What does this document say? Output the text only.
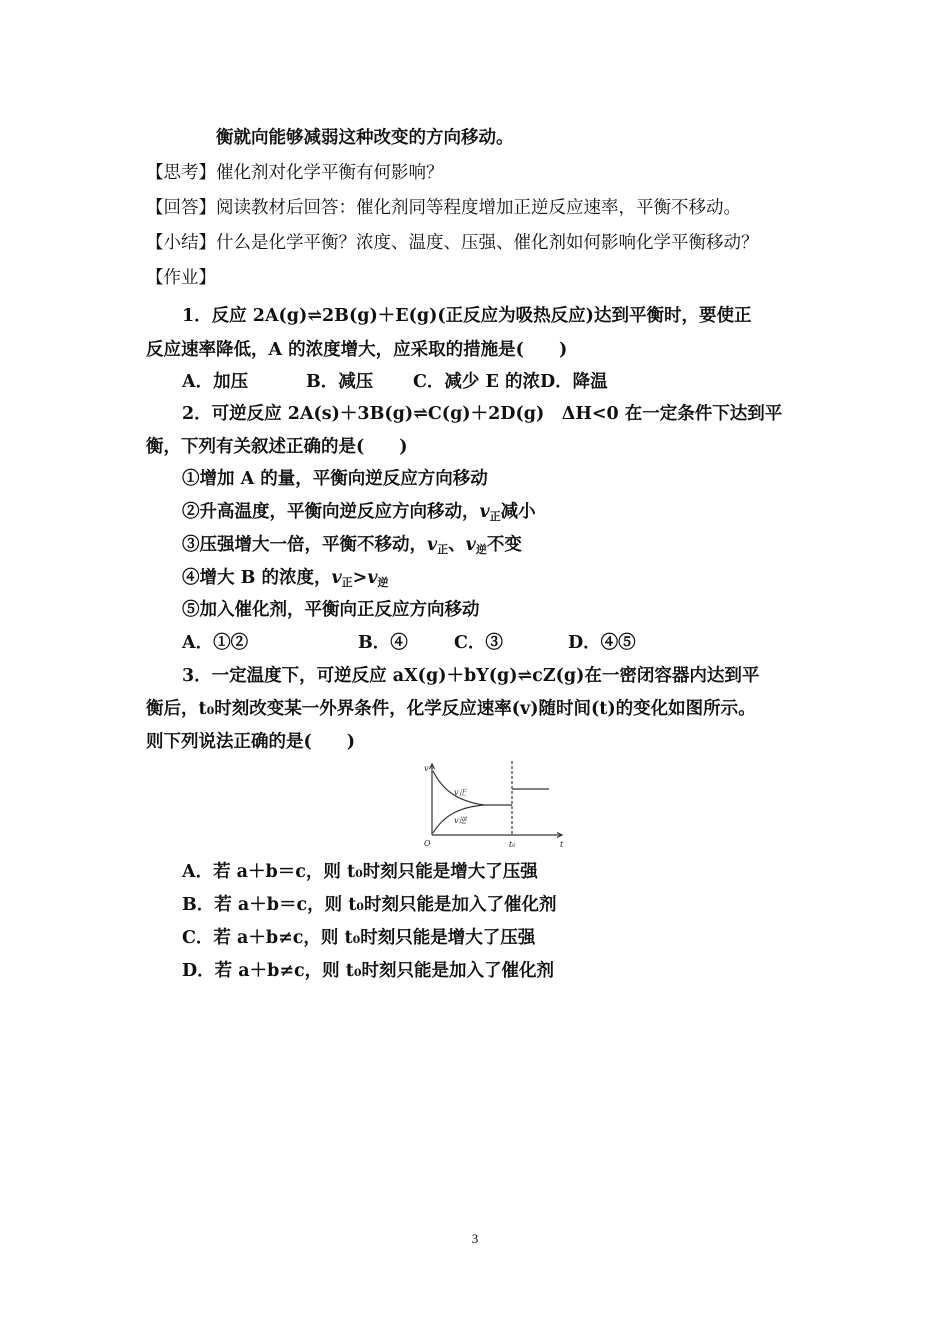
衡就向能够减弱这种改变的方向移动。
【思考】催化剂对化学平衡有何影响？
【回答】阅读教材后回答：催化剂同等程度增加正逆反应速率，平衡不移动。
【小结】什么是化学平衡？浓度、温度、压强、催化剂如何影响化学平衡移动？
【作业】
1．反应 2A(g)⇌2B(g)＋E(g)(正反应为吸热反应)达到平衡时，要使正
反应速率降低，A 的浓度增大，应采取的措施是(　　)
A．加压	B．减压 C．减少 E 的浓D．降温
2．可逆反应 2A(s)＋3B(g)⇌C(g)＋2D(g)　ΔH<0 在一定条件下达到平
衡，下列有关叙述正确的是(　　)
①增加 A 的量，平衡向逆反应方向移动
②升高温度，平衡向逆反应方向移动，$v_正$减小
③压强增大一倍，平衡不移动，$v_正$、$v_逆$不变
④增大 B 的浓度，$v_正>v_逆$
⑤加入催化剂，平衡向正反应方向移动
A．①②	B．④	C．③	D．④⑤
3．一定温度下，可逆反应 aX(g)＋bY(g)⇌cZ(g)在一密闭容器内达到平
衡后，t₀时刻改变某一外界条件，化学反应速率(v)随时间(t)的变化如图所示。
则下列说法正确的是(　　)
v
t
O	t₀
v正
v逆
A．若 a＋b＝c，则 t₀时刻只能是增大了压强
B．若 a＋b＝c，则 t₀时刻只能是加入了催化剂
C．若 a＋b≠c，则 t₀时刻只能是增大了压强
D．若 a＋b≠c，则 t₀时刻只能是加入了催化剂
3
